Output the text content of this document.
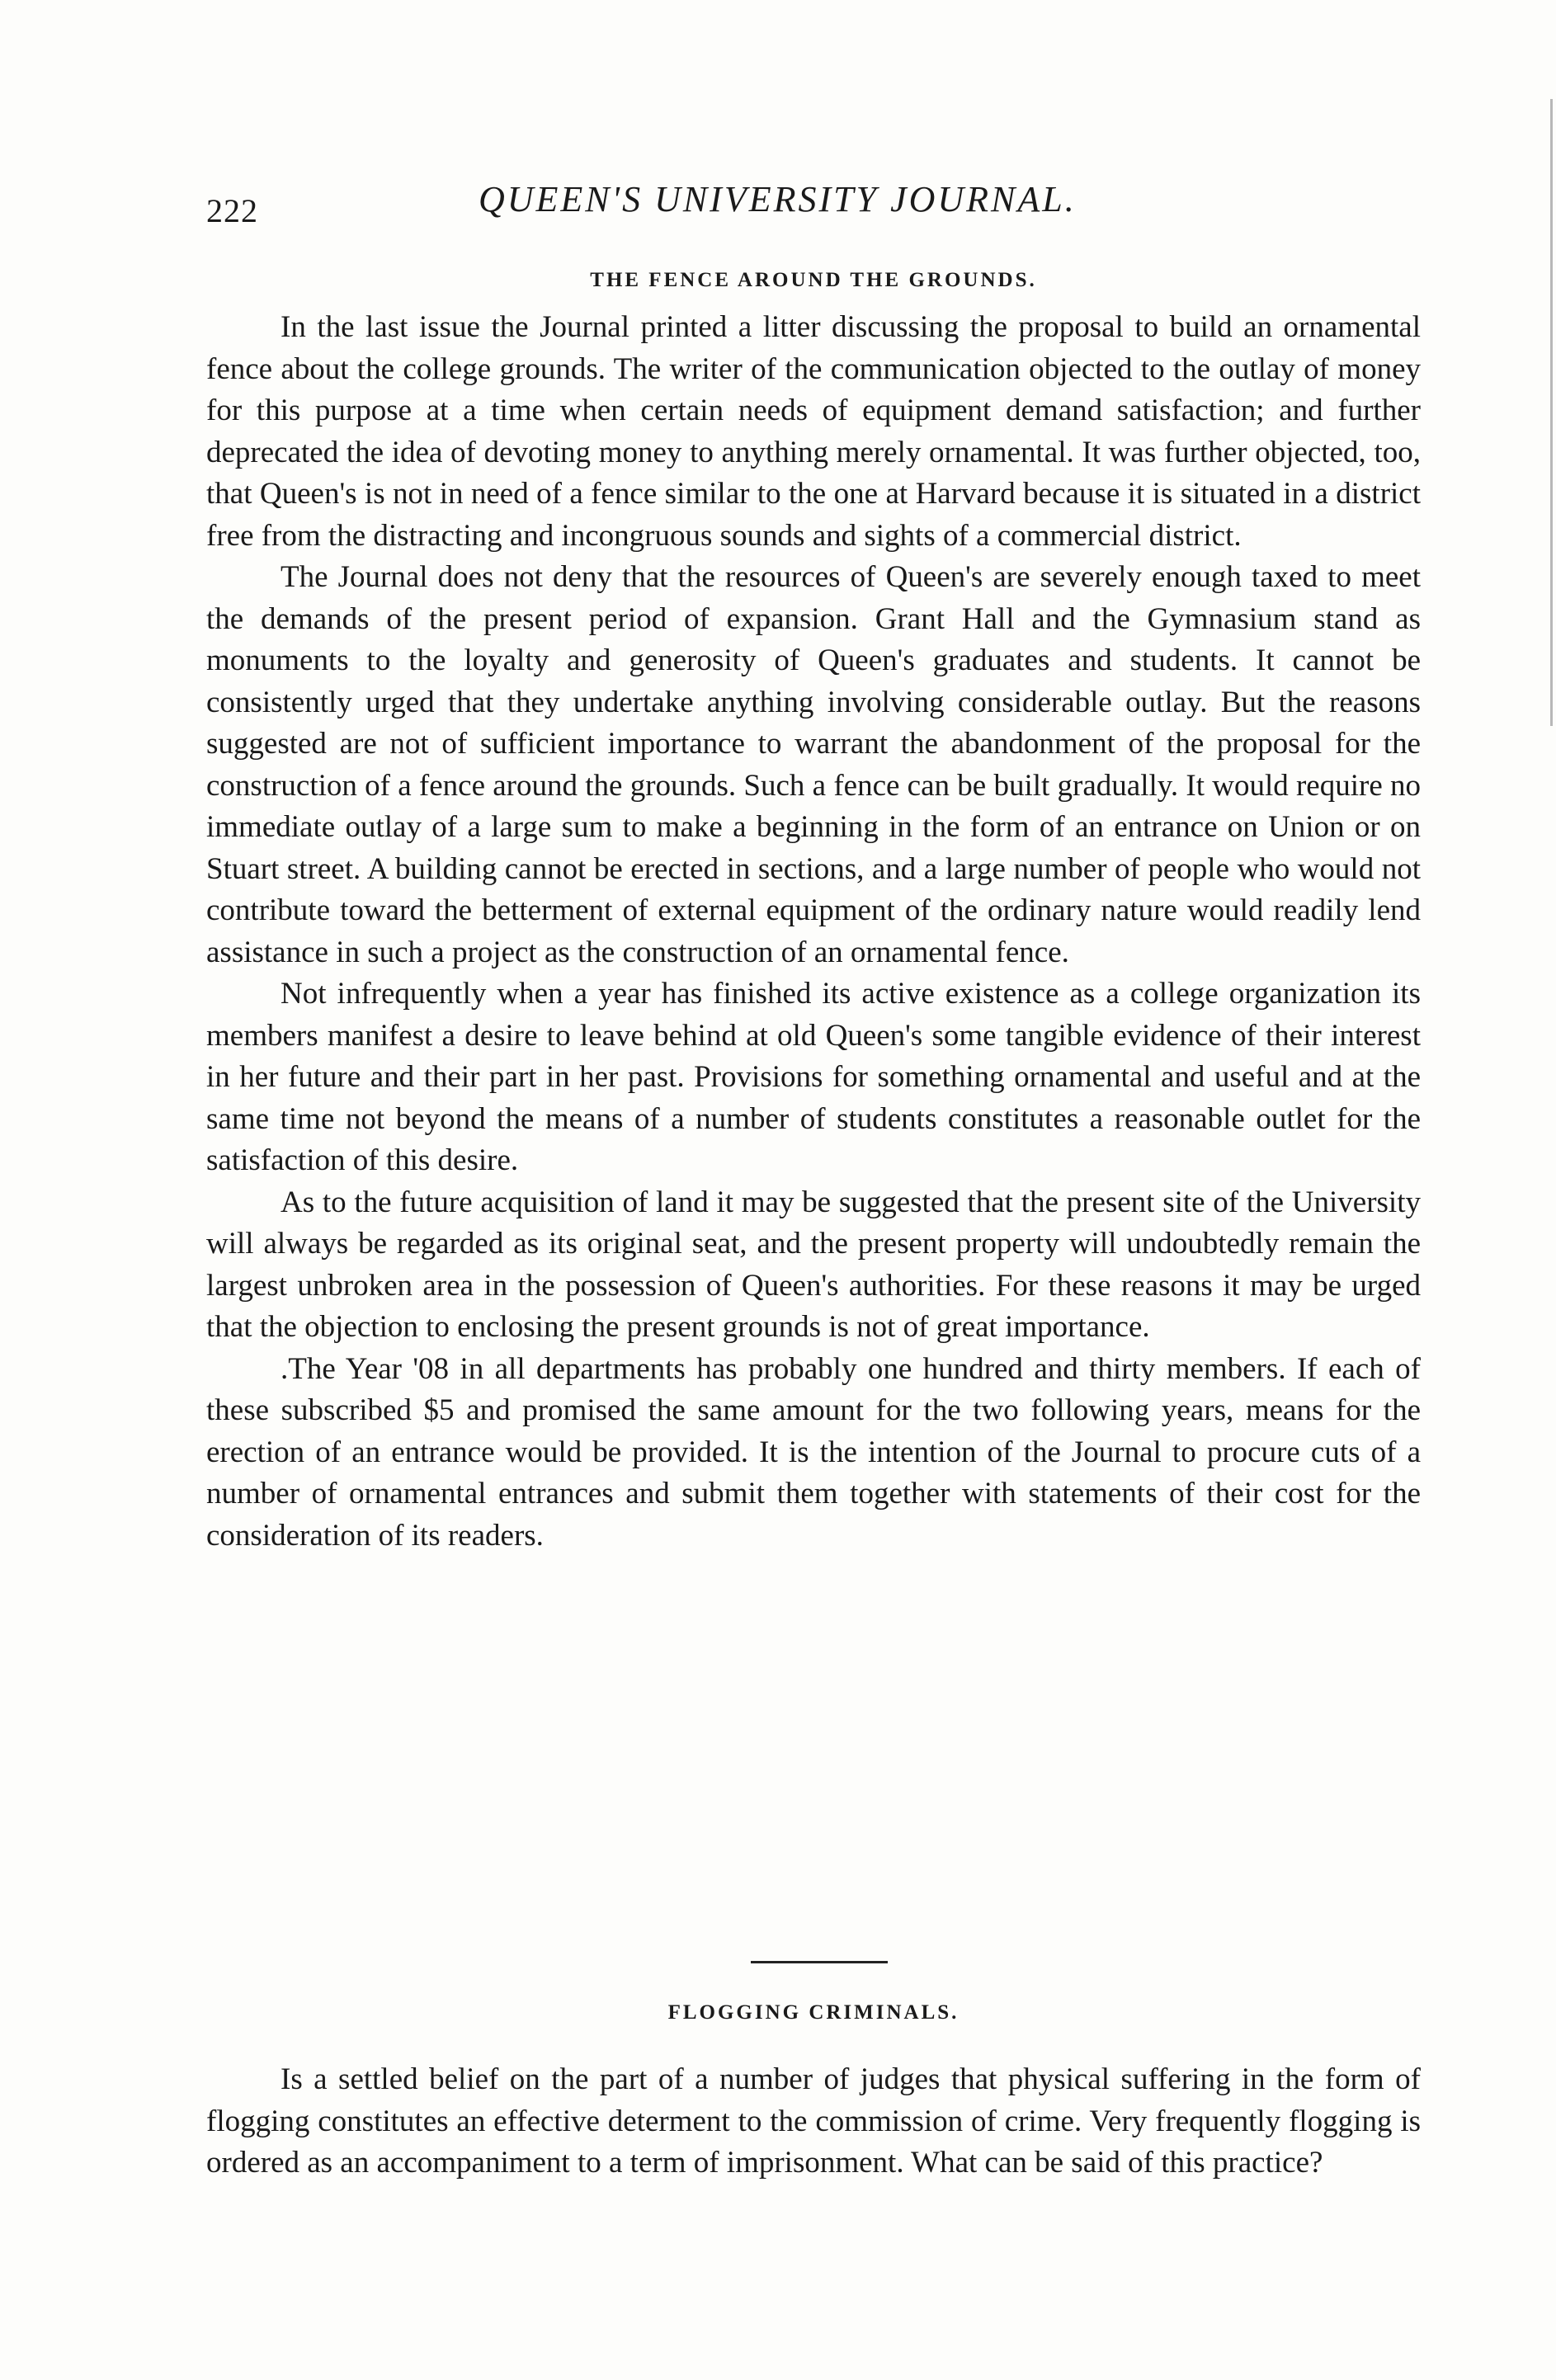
222	QUEEN'S UNIVERSITY JOURNAL.
THE FENCE AROUND THE GROUNDS.

In the last issue the Journal printed a litter discussing the proposal to build an ornamental fence about the college grounds. The writer of the communication objected to the outlay of money for this purpose at a time when certain needs of equipment demand satisfaction; and further deprecated the idea of devoting money to anything merely ornamental. It was further objected, too, that Queen's is not in need of a fence similar to the one at Harvard because it is situated in a district free from the distracting and incongruous sounds and sights of a commercial district.

The Journal does not deny that the resources of Queen's are severely enough taxed to meet the demands of the present period of expansion. Grant Hall and the Gymnasium stand as monuments to the loyalty and generosity of Queen's graduates and students. It cannot be consistently urged that they undertake anything involving considerable outlay. But the reasons suggested are not of sufficient importance to warrant the abandonment of the proposal for the construction of a fence around the grounds. Such a fence can be built gradually. It would require no immediate outlay of a large sum to make a beginning in the form of an entrance on Union or on Stuart street. A building cannot be erected in sections, and a large number of people who would not contribute toward the betterment of external equipment of the ordinary nature would readily lend assistance in such a project as the construction of an ornamental fence.

Not infrequently when a year has finished its active existence as a college organization its members manifest a desire to leave behind at old Queen's some tangible evidence of their interest in her future and their part in her past. Provisions for something ornamental and useful and at the same time not beyond the means of a number of students constitutes a reasonable outlet for the satisfaction of this desire.

As to the future acquisition of land it may be suggested that the present site of the University will always be regarded as its original seat, and the present property will undoubtedly remain the largest unbroken area in the possession of Queen's authorities. For these reasons it may be urged that the objection to enclosing the present grounds is not of great importance.

.The Year '08 in all departments has probably one hundred and thirty members. If each of these subscribed $5 and promised the same amount for the two following years, means for the erection of an entrance would be provided. It is the intention of the Journal to procure cuts of a number of ornamental entrances and submit them together with statements of their cost for the consideration of its readers.

FLOGGING CRIMINALS.

Is a settled belief on the part of a number of judges that physical suffering in the form of flogging constitutes an effective determent to the commission of crime. Very frequently flogging is ordered as an accompaniment to a term of imprisonment. What can be said of this practice?
